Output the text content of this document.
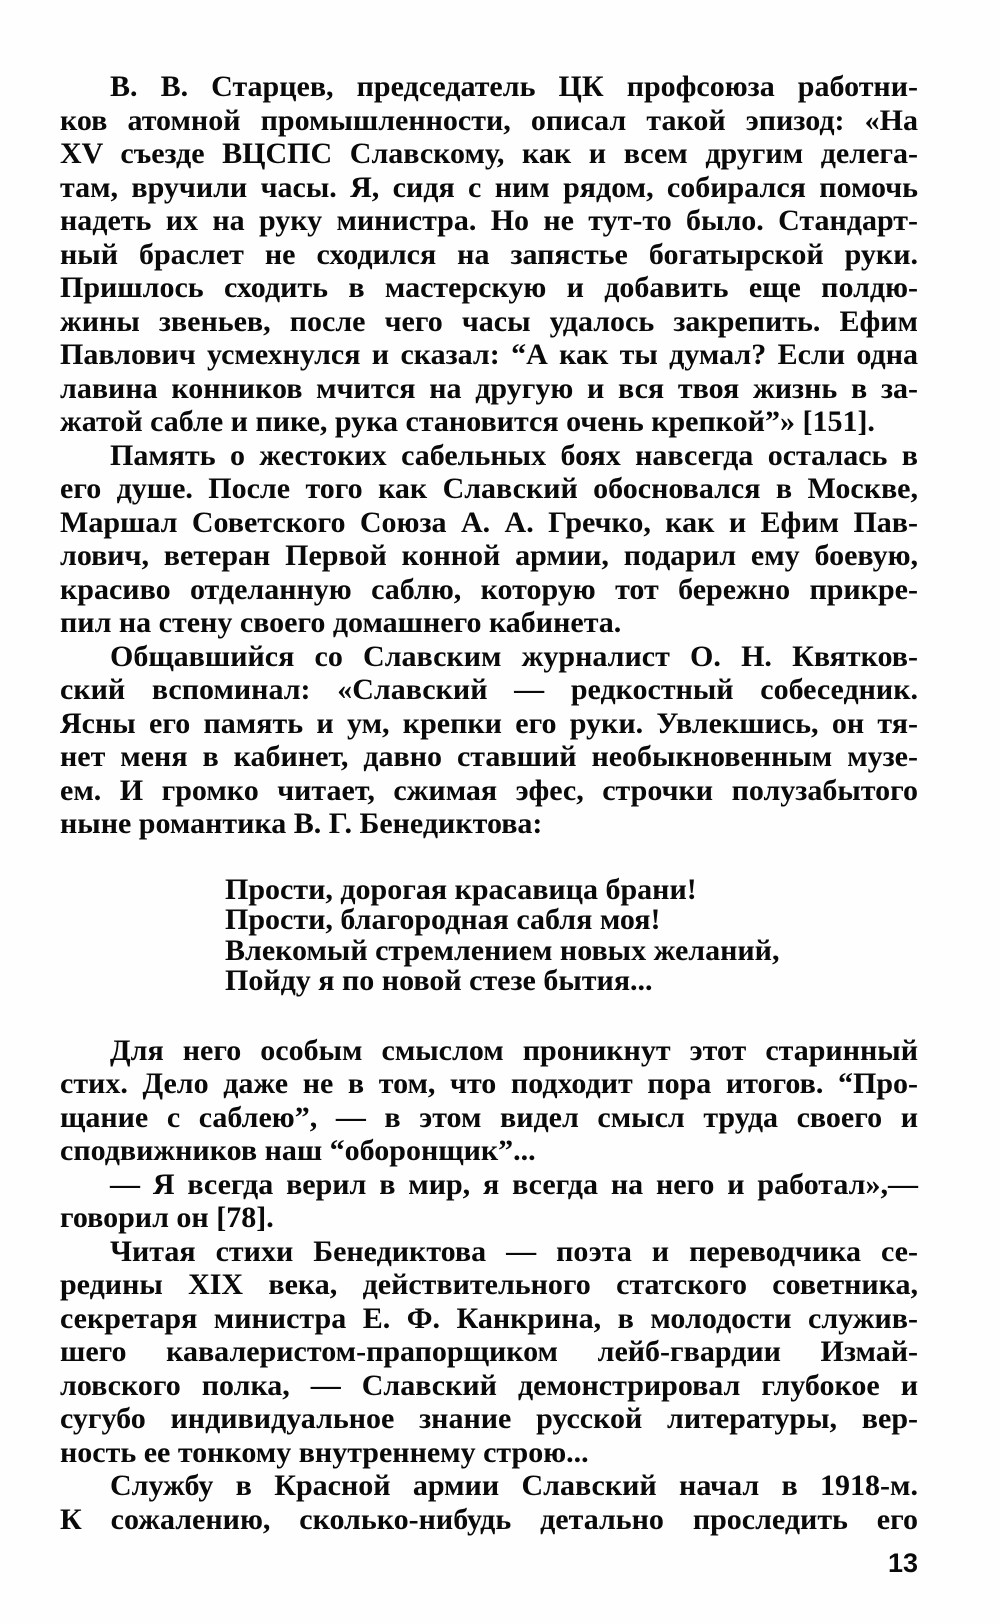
В. В. Старцев, председатель ЦК профсоюза работни-
ков атомной промышленности, описал такой эпизод: «На
XV съезде ВЦСПС Славскому, как и всем другим делега-
там, вручили часы. Я, сидя с ним рядом, собирался помочь
надеть их на руку министра. Но не тут-то было. Стандарт-
ный браслет не сходился на запястье богатырской руки.
Пришлось сходить в мастерскую и добавить еще полдю-
жины звеньев, после чего часы удалось закрепить. Ефим
Павлович усмехнулся и сказал: “А как ты думал? Если одна
лавина конников мчится на другую и вся твоя жизнь в за-
жатой сабле и пике, рука становится очень крепкой”» [151].
Память о жестоких сабельных боях навсегда осталась в
его душе. После того как Славский обосновался в Москве,
Маршал Советского Союза А. А. Гречко, как и Ефим Пав-
лович, ветеран Первой конной армии, подарил ему боевую,
красиво отделанную саблю, которую тот бережно прикре-
пил на стену своего домашнего кабинета.
Общавшийся со Славским журналист О. Н. Квятков-
ский вспоминал: «Славский — редкостный собеседник.
Ясны его память и ум, крепки его руки. Увлекшись, он тя-
нет меня в кабинет, давно ставший необыкновенным музе-
ем. И громко читает, сжимая эфес, строчки полузабытого
ныне романтика В. Г. Бенедиктова:
Прости, дорогая красавица брани!
Прости, благородная сабля моя!
Влекомый стремлением новых желаний,
Пойду я по новой стезе бытия...
Для него особым смыслом проникнут этот старинный
стих. Дело даже не в том, что подходит пора итогов. “Про-
щание с саблею”, — в этом видел смысл труда своего и
сподвижников наш “оборонщик”...
— Я всегда верил в мир, я всегда на него и работал»,—
говорил он [78].
Читая стихи Бенедиктова — поэта и переводчика се-
редины XIX века, действительного статского советника,
секретаря министра Е. Ф. Канкрина, в молодости служив-
шего кавалеристом-прапорщиком лейб-гвардии Измай-
ловского полка, — Славский демонстрировал глубокое и
сугубо индивидуальное знание русской литературы, вер-
ность ее тонкому внутреннему строю...
Службу в Красной армии Славский начал в 1918-м.
К сожалению, сколько-нибудь детально проследить его
13
